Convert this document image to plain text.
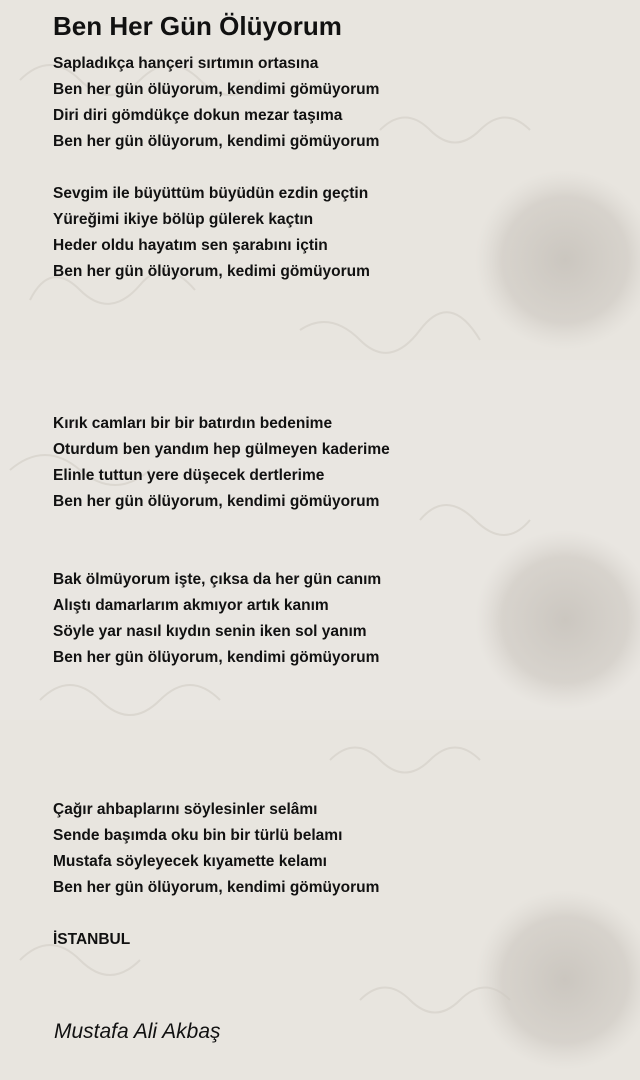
Ben Her Gün Ölüyorum
Sapladıkça hançeri sırtımın ortasına
Ben her gün ölüyorum, kendimi gömüyorum
Diri diri gömdükçe dokun mezar taşıma
Ben her gün ölüyorum, kendimi gömüyorum
Sevgim ile büyüttüm büyüdün ezdin geçtin
Yüreğimi ikiye bölüp gülerek kaçtın
Heder oldu hayatım sen şarabını içtin
Ben her gün ölüyorum, kedimi gömüyorum
Kırık camları bir bir batırdın bedenime
Oturdum ben yandım hep gülmeyen kaderime
Elinle tuttun yere düşecek dertlerime
Ben her gün ölüyorum, kendimi gömüyorum
Bak ölmüyorum işte, çıksa da her gün canım
Alıştı damarlarım akmıyor artık kanım
Söyle yar nasıl kıydın senin iken sol yanım
Ben her gün ölüyorum, kendimi gömüyorum
Çağır ahbaplarını söylesinler selâmı
Sende başımda oku bin bir türlü belamı
Mustafa söyleyecek kıyamette kelamı
Ben her gün ölüyorum, kendimi gömüyorum
İSTANBUL
Mustafa Ali Akbaş
